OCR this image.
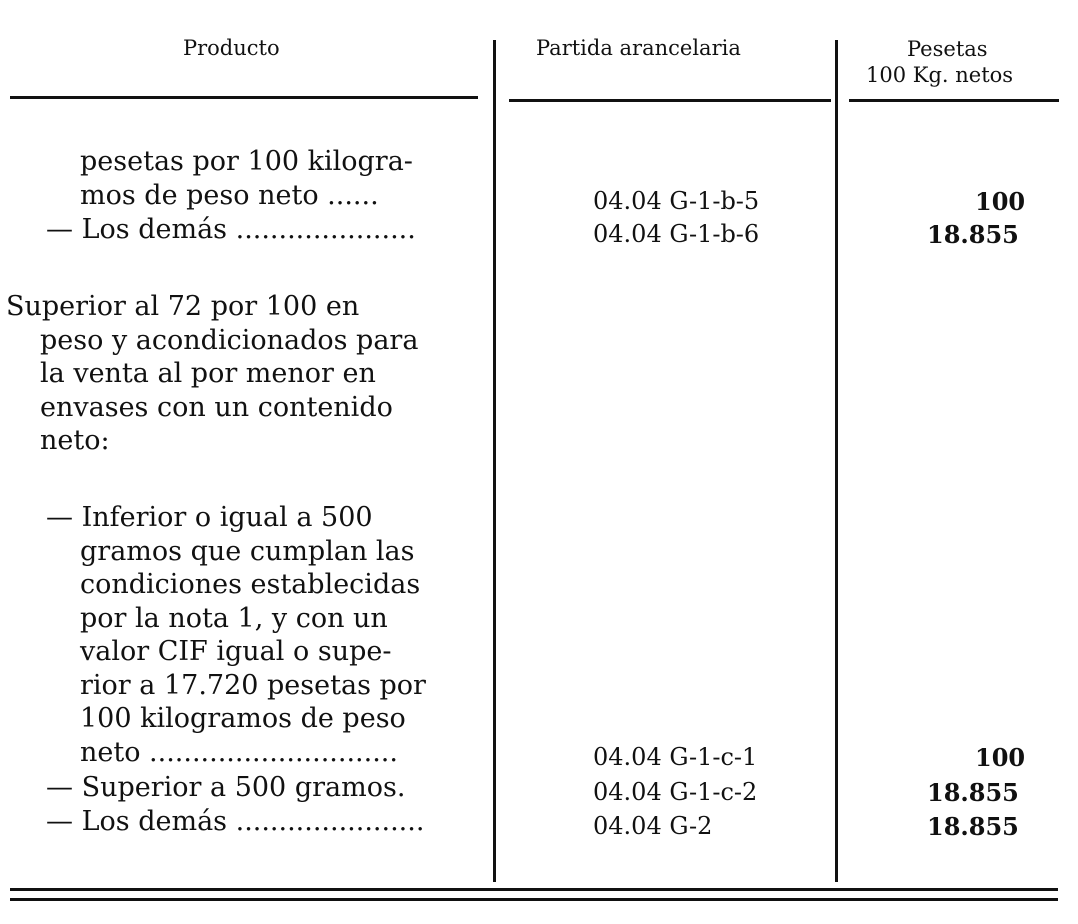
Producto	Partida arancelaria	Pesetas
100 Kg. netos
pesetas por 100 kilogra-
mos de peso neto ......	04.04 G-1-b-5	100
— Los demás .....................	04.04 G-1-b-6	18.855
Superior al 72 por 100 en
peso y acondicionados para
la venta al por menor en
envases con un contenido
neto:
— Inferior o igual a 500
gramos que cumplan las
condiciones establecidas
por la nota 1, y con un
valor CIF igual o supe-
rior a 17.720 pesetas por
100 kilogramos de peso
neto .............................	04.04 G-1-c-1	100
— Superior a 500 gramos.	04.04 G-1-c-2	18.855
— Los demás ......................	04.04 G-2	18.855
